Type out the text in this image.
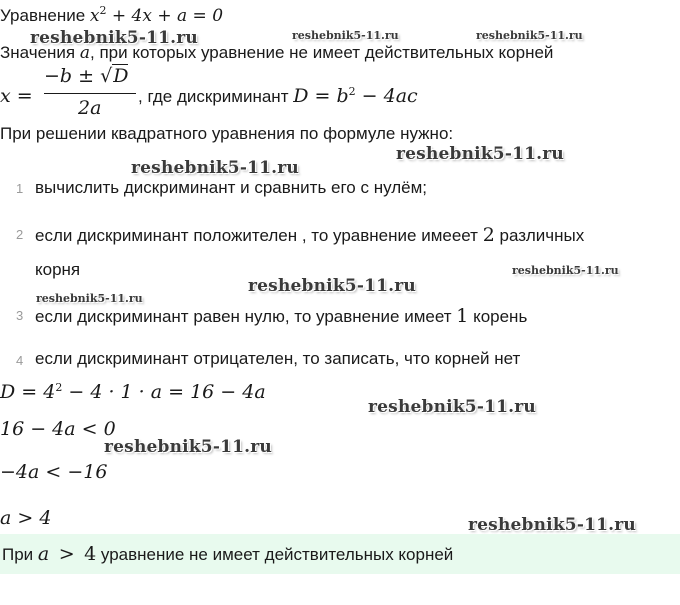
Уравнение $x^2 + 4x + a = 0$
Значения a, при которых уравнение не имеет действительных корней
x =
−b ± √D
2a
, где дискриминант $D = b^2 - 4ac$
При решении квадратного уравнения по формуле нужно:
1 вычислить дискриминант и сравнить его с нулём;
2 если дискриминант положителен , то уравнение имееет 2 различных
корня
3 если дискриминант равен нулю, то уравнение имеет 1 корень
4 если дискриминант отрицателен, то записать, что корней нет
$D = 4^2 - 4 \cdot 1 \cdot a = 16 - 4a$
16 − 4a < 0
−4a < −16
a > 4
При a > 4 уравнение не имеет действительных корней
reshebnik5-11.ru	reshebnik5-11.ru	reshebnik5-11.ru
reshebnik5-11.ru
reshebnik5-11.ru
reshebnik5-11.ru
reshebnik5-11.ru
reshebnik5-11.ru
reshebnik5-11.ru
reshebnik5-11.ru
reshebnik5-11.ru
